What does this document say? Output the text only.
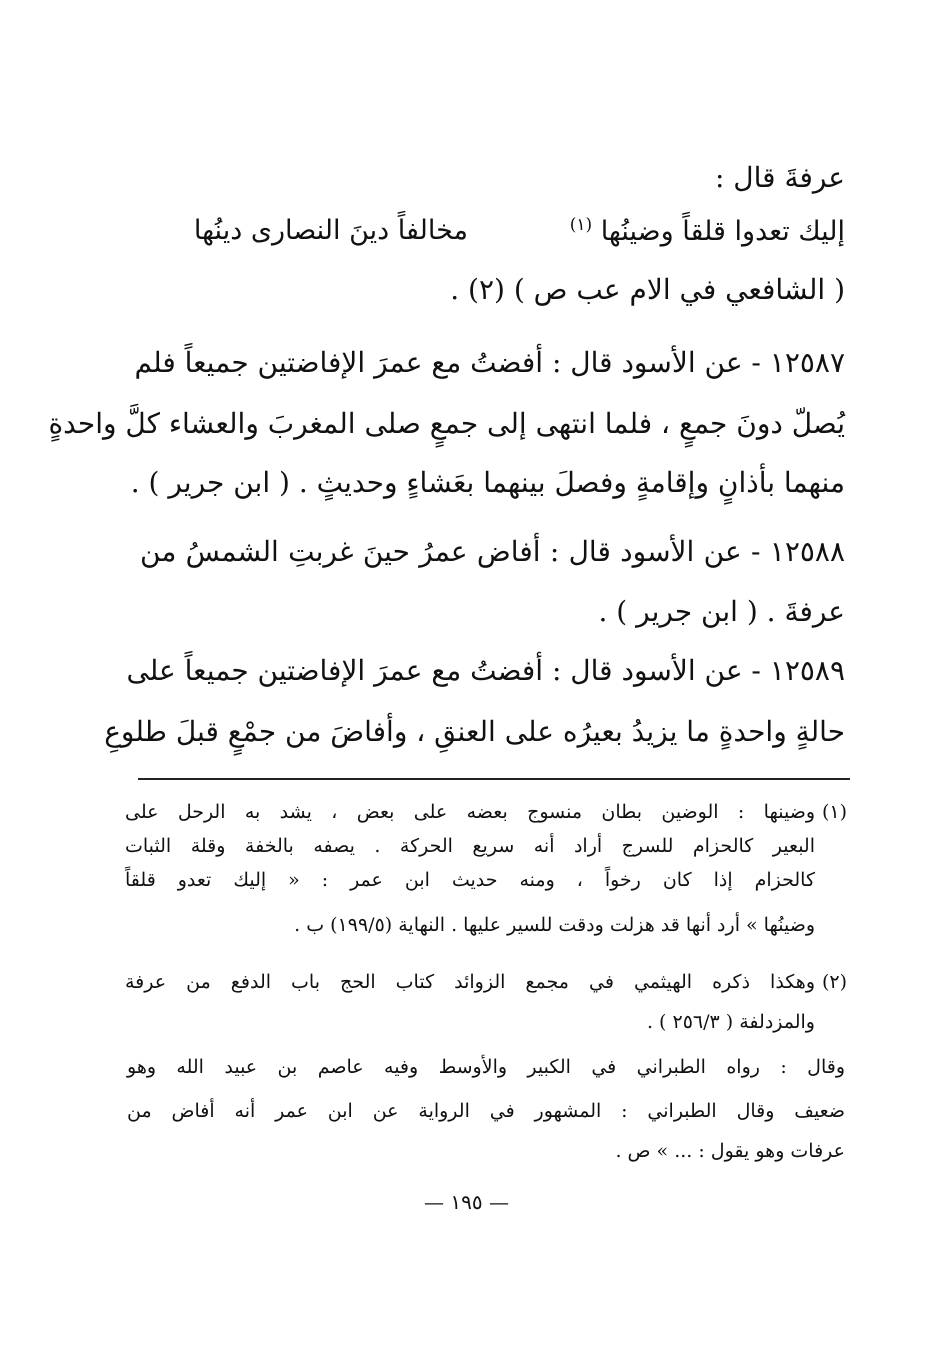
عرفةَ قال :
إليك تعدوا قلقاً وضينُها $^{(١)}$
مخالفاً دينَ النصارى دينُها
( الشافعي في الام عب ص ) (٢) .
١٢٥٨٧ - عن الأسود قال : أفضتُ مع عمرَ الإفاضتين جميعاً فلم
يُصلّ دونَ جمعٍ ، فلما انتهى إلى جمعٍ صلى المغربَ والعشاء كلَّ واحدةٍ
منهما بأذانٍ وإقامةٍ وفصلَ بينهما بعَشاءٍ وحديثٍ . ( ابن جرير ) .
١٢٥٨٨ - عن الأسود قال : أفاض عمرُ حينَ غربتِ الشمسُ من
عرفةَ . ( ابن جرير ) .
١٢٥٨٩ - عن الأسود قال : أفضتُ مع عمرَ الإفاضتين جميعاً على
حالةٍ واحدةٍ ما يزيدُ بعيرُه على العنقِ ، وأفاضَ من جمْعٍ قبلَ طلوعِ
(١)
وضينها : الوضين بطان منسوج بعضه على بعض ، يشد به الرحل على
البعير كالحزام للسرج أراد أنه سريع الحركة . يصفه بالخفة وقلة الثبات
كالحزام إذا كان رخواً ، ومنه حديث ابن عمر : « إليك تعدو قلقاً
وضينُها » أرد أنها قد هزلت ودقت للسير عليها . النهاية (١٩٩/٥) ب .
(٢)
وهكذا ذكره الهيثمي في مجمع الزوائد كتاب الحج باب الدفع من عرفة
والمزدلفة ( ٢٥٦/٣ ) .
وقال : رواه الطبراني في الكبير والأوسط وفيه عاصم بن عبيد الله وهو
ضعيف وقال الطبراني : المشهور في الرواية عن ابن عمر أنه أفاض من
عرفات وهو يقول : ... » ص .
— ١٩٥ —
